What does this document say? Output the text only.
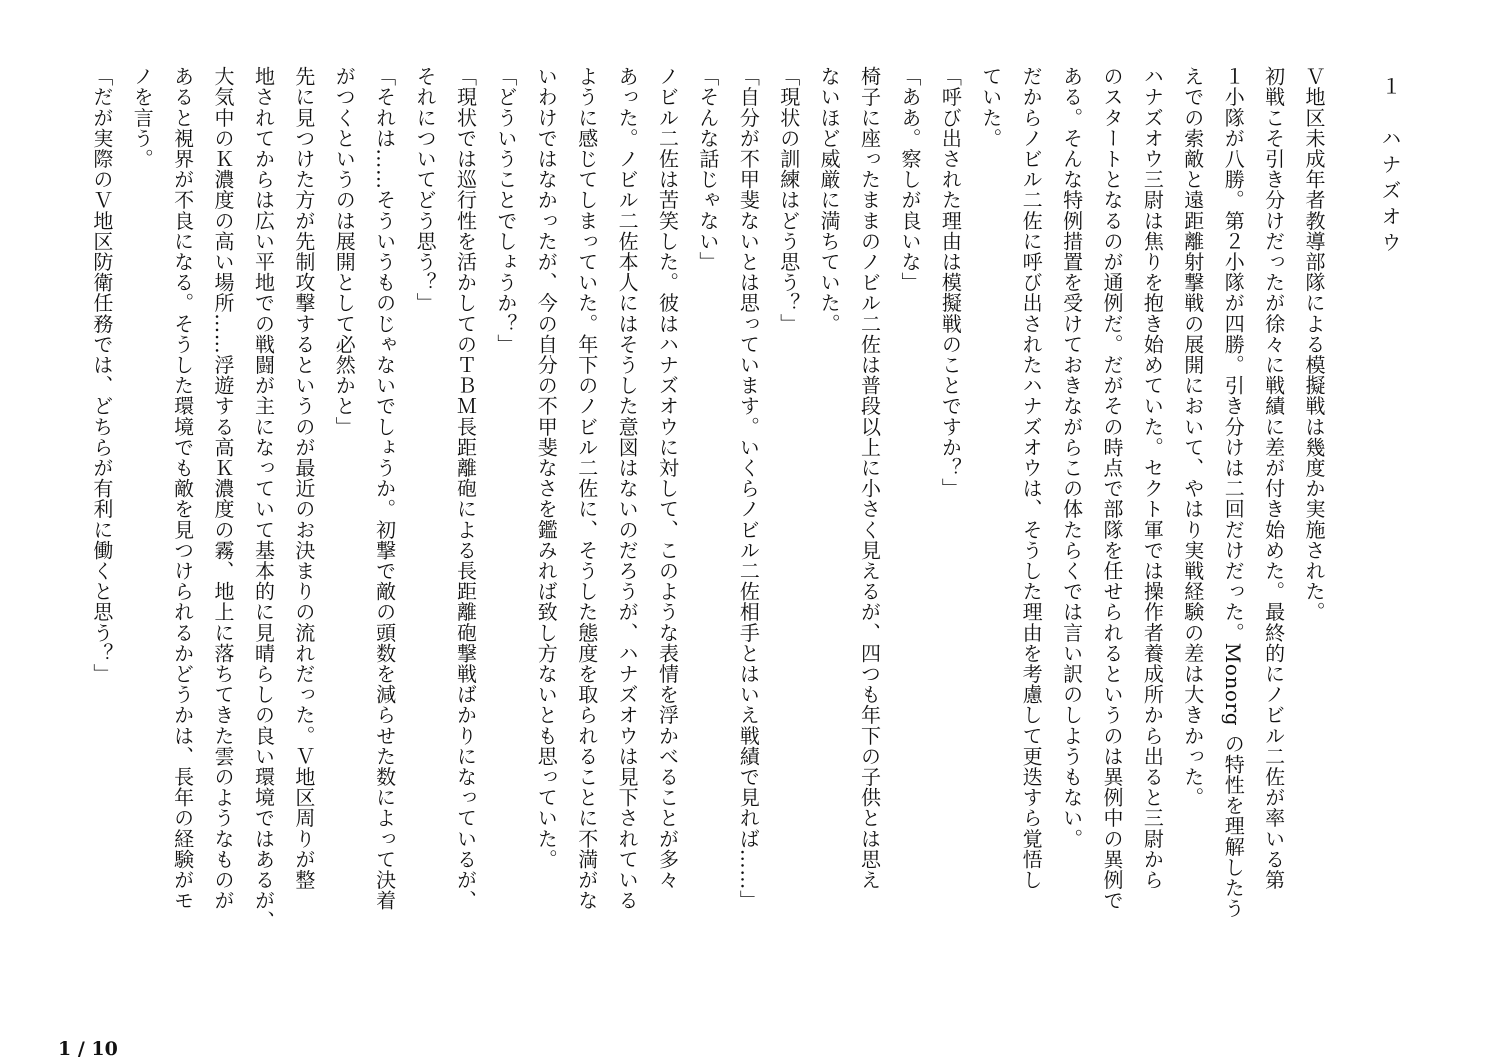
１　ハナズオウ
Ｖ地区未成年者教導部隊による模擬戦は幾度か実施された。
初戦こそ引き分けだったが徐々に戦績に差が付き始めた。最終的にノビル二佐が率いる第
１小隊が八勝。第２小隊が四勝。引き分けは二回だけだった。Monorg の特性を理解したう
えでの索敵と遠距離射撃戦の展開において、やはり実戦経験の差は大きかった。
ハナズオウ三尉は焦りを抱き始めていた。セクト軍では操作者養成所から出ると三尉から
のスタートとなるのが通例だ。だがその時点で部隊を任せられるというのは異例中の異例で
ある。そんな特例措置を受けておきながらこの体たらくでは言い訳のしようもない。
だからノビル二佐に呼び出されたハナズオウは、そうした理由を考慮して更迭すら覚悟し
ていた。
「呼び出された理由は模擬戦のことですか？」
「ああ。察しが良いな」
椅子に座ったままのノビル二佐は普段以上に小さく見えるが、四つも年下の子供とは思え
ないほど威厳に満ちていた。
「現状の訓練はどう思う？」
「自分が不甲斐ないとは思っています。いくらノビル二佐相手とはいえ戦績で見れば……」
「そんな話じゃない」
ノビル二佐は苦笑した。彼はハナズオウに対して、このような表情を浮かべることが多々
あった。ノビル二佐本人にはそうした意図はないのだろうが、ハナズオウは見下されている
ように感じてしまっていた。年下のノビル二佐に、そうした態度を取られることに不満がな
いわけではなかったが、今の自分の不甲斐なさを鑑みれば致し方ないとも思っていた。
「どういうことでしょうか？」
「現状では巡行性を活かしてのＴＢＭ長距離砲による長距離砲撃戦ばかりになっているが、
それについてどう思う？」
「それは……そういうものじゃないでしょうか。初撃で敵の頭数を減らせた数によって決着
がつくというのは展開として必然かと」
先に見つけた方が先制攻撃するというのが最近のお決まりの流れだった。Ｖ地区周りが整
地されてからは広い平地での戦闘が主になっていて基本的に見晴らしの良い環境ではあるが、
大気中のＫ濃度の高い場所……浮遊する高Ｋ濃度の霧、地上に落ちてきた雲のようなものが
あると視界が不良になる。そうした環境でも敵を見つけられるかどうかは、長年の経験がモ
ノを言う。
「だが実際のＶ地区防衛任務では、どちらが有利に働くと思う？」
1 / 10
